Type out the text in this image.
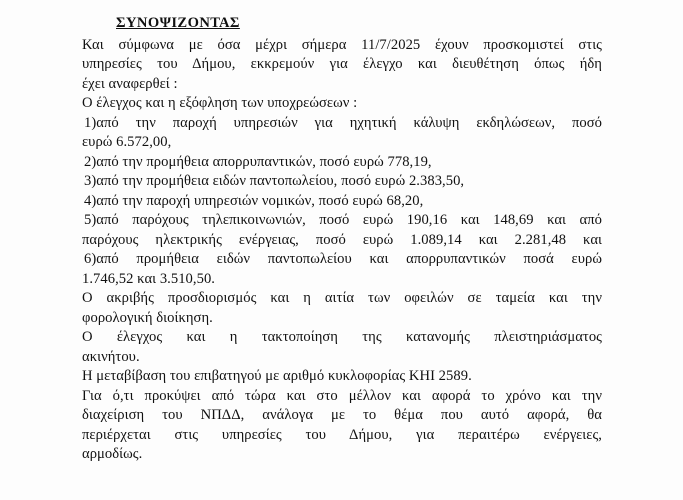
ΣΥΝΟΨΙΖΟΝΤΑΣ
Και σύμφωνα με όσα μέχρι σήμερα 11/7/2025 έχουν προσκομιστεί στις
υπηρεσίες του Δήμου, εκκρεμούν για έλεγχο και διευθέτηση όπως ήδη
έχει αναφερθεί :
Ο έλεγχος και η εξόφληση των υποχρεώσεων :
1)από την παροχή υπηρεσιών για ηχητική κάλυψη εκδηλώσεων, ποσό
ευρώ 6.572,00,
2)από την προμήθεια απορρυπαντικών, ποσό ευρώ 778,19,
3)από την προμήθεια ειδών παντοπωλείου, ποσό ευρώ 2.383,50,
4)από την παροχή υπηρεσιών νομικών, ποσό ευρώ 68,20,
5)από παρόχους τηλεπικοινωνιών, ποσό ευρώ 190,16 και 148,69 και από
παρόχους ηλεκτρικής ενέργειας, ποσό ευρώ 1.089,14 και 2.281,48 και
6)από προμήθεια ειδών παντοπωλείου και απορρυπαντικών ποσά ευρώ
1.746,52 και 3.510,50.
Ο ακριβής προσδιορισμός και η αιτία των οφειλών σε ταμεία και την
φορολογική διοίκηση.
Ο έλεγχος και η τακτοποίηση της κατανομής πλειστηριάσματος
ακινήτου.
Η μεταβίβαση του επιβατηγού με αριθμό κυκλοφορίας ΚΗΙ 2589.
Για ό,τι προκύψει από τώρα και στο μέλλον και αφορά το χρόνο και την
διαχείριση του ΝΠΔΔ, ανάλογα με το θέμα που αυτό αφορά, θα
περιέρχεται στις υπηρεσίες του Δήμου, για περαιτέρω ενέργειες,
αρμοδίως.
